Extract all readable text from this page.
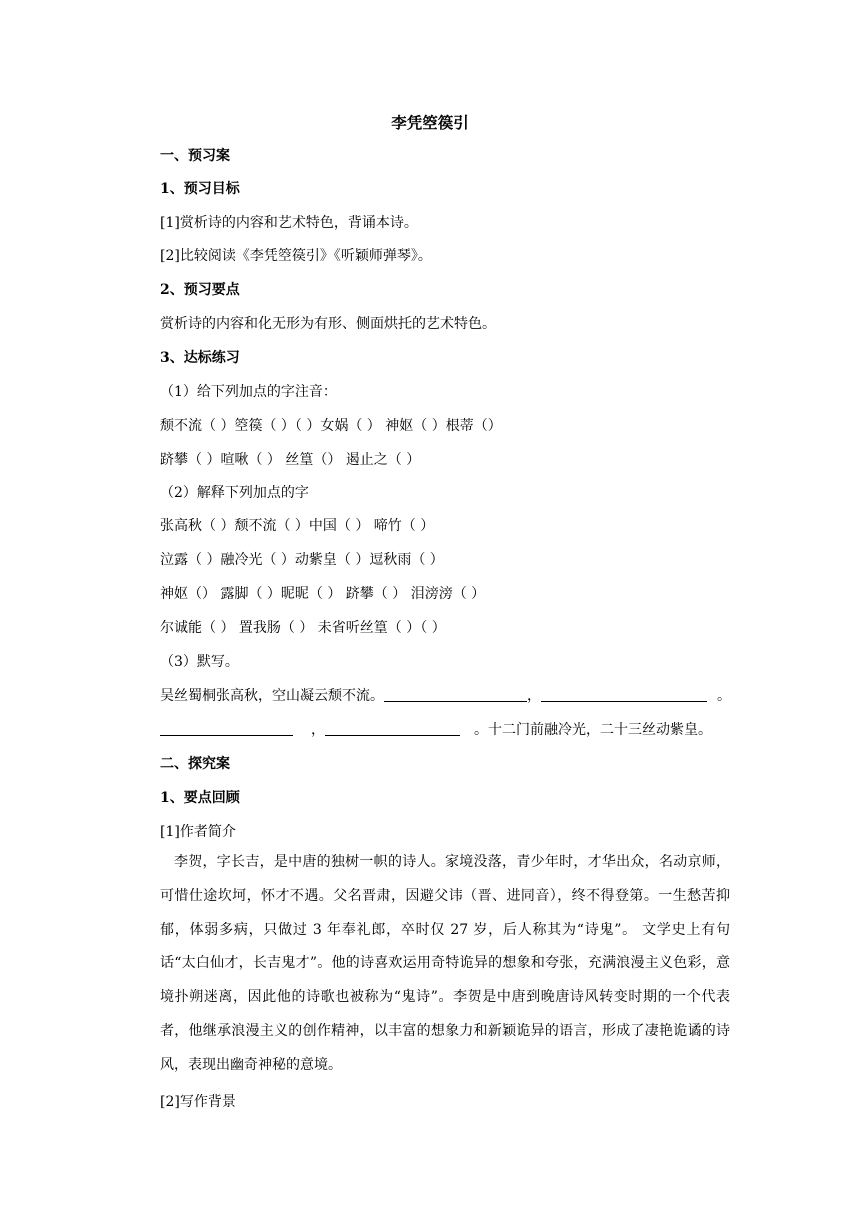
李凭箜篌引
一、预习案
1、预习目标
[1]赏析诗的内容和艺术特色，背诵本诗。
[2]比较阅读《李凭箜篌引》《听颖师弹琴》。
2、预习要点
赏析诗的内容和化无形为有形、侧面烘托的艺术特色。
3、达标练习
（1）给下列加点的字注音：
颓不流（ ）箜篌（ ）（ ）女娲（ ） 神妪（ ）根蒂（）
跻攀（ ）喧啾（ ） 丝篁（） 遏止之（ ）
（2）解释下列加点的字
张高秋（ ）颓不流（ ）中国（ ） 啼竹（ ）
泣露（ ）融冷光（ ）动紫皇（ ）逗秋雨（ ）
神妪（） 露脚（ ）昵昵（ ） 跻攀（ ） 泪滂滂（ ）
尔诚能（ ） 置我肠（ ） 未省听丝篁（ ）（ ）
（3）默写。
吴丝蜀桐张高秋，空山凝云颓不流。	，	。
，	。十二门前融冷光，二十三丝动紫皇。
二、探究案
1、要点回顾
[1]作者简介
李贺，字长吉，是中唐的独树一帜的诗人。家境没落，青少年时，才华出众，名动京师，可惜仕途坎坷，怀才不遇。父名晋肃，因避父讳（晋、进同音），终不得登第。一生愁苦抑郁，体弱多病，只做过 3 年奉礼郎，卒时仅 27 岁，后人称其为“诗鬼”。 文学史上有句话“太白仙才，长吉鬼才”。他的诗喜欢运用奇特诡异的想象和夸张，充满浪漫主义色彩，意境扑朔迷离，因此他的诗歌也被称为“鬼诗”。李贺是中唐到晚唐诗风转变时期的一个代表者，他继承浪漫主义的创作精神，以丰富的想象力和新颖诡异的语言，形成了凄艳诡谲的诗风，表现出幽奇神秘的意境。
[2]写作背景
